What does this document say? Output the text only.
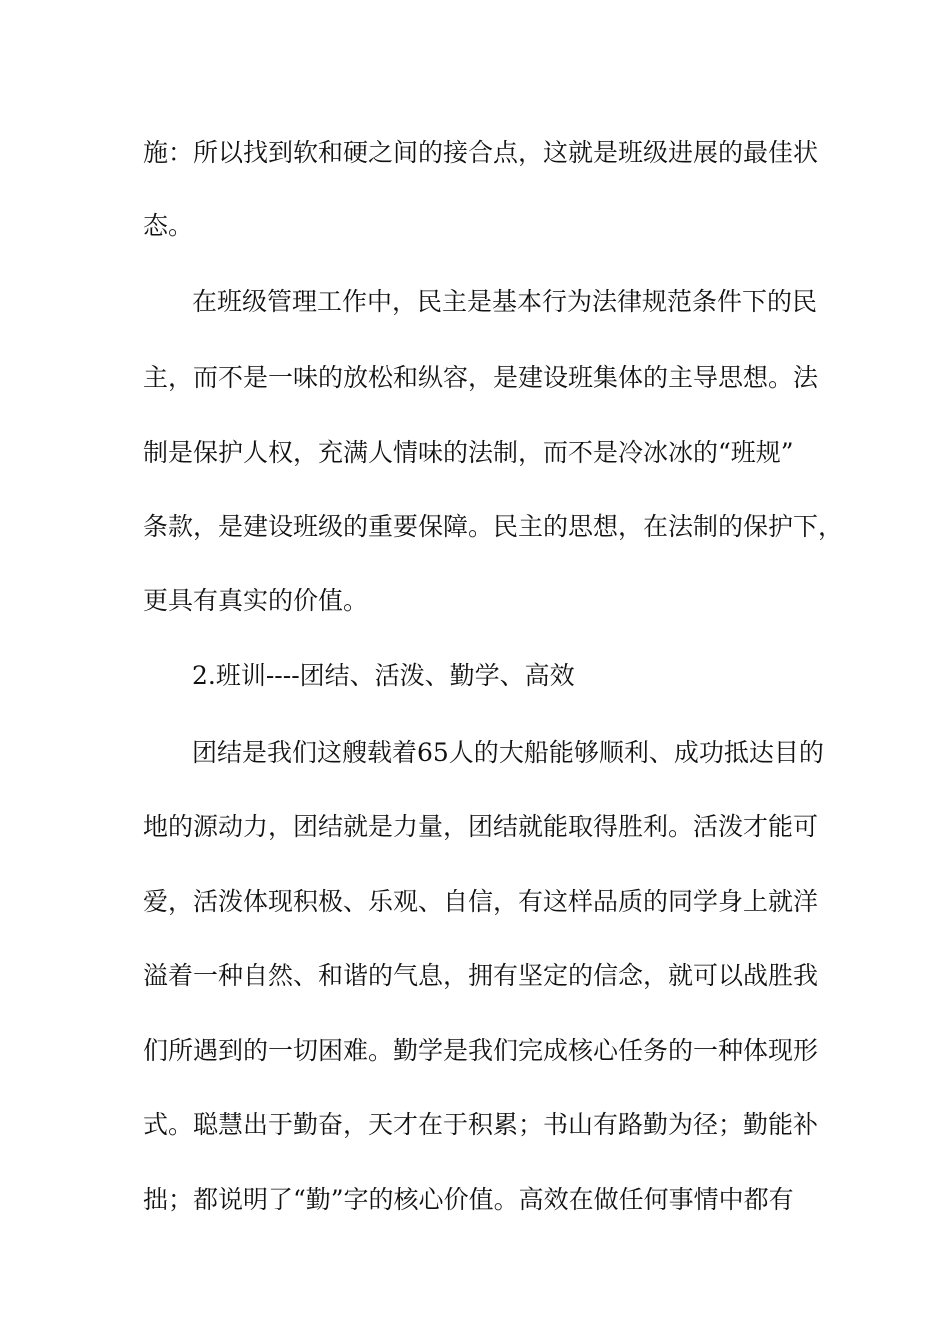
施：所以找到软和硬之间的接合点，这就是班级进展的最佳状

态。

在班级管理工作中，民主是基本行为法律规范条件下的民

主，而不是一味的放松和纵容，是建设班集体的主导思想。法

制是保护人权，充满人情味的法制，而不是冷冰冰的“班规”

条款，是建设班级的重要保障。民主的思想，在法制的保护下，

更具有真实的价值。

2.班训----团结、活泼、勤学、高效

团结是我们这艘载着65人的大船能够顺利、成功抵达目的

地的源动力，团结就是力量，团结就能取得胜利。活泼才能可

爱，活泼体现积极、乐观、自信，有这样品质的同学身上就洋

溢着一种自然、和谐的气息，拥有坚定的信念，就可以战胜我

们所遇到的一切困难。勤学是我们完成核心任务的一种体现形

式。聪慧出于勤奋，天才在于积累；书山有路勤为径；勤能补

拙；都说明了“勤”字的核心价值。高效在做任何事情中都有
